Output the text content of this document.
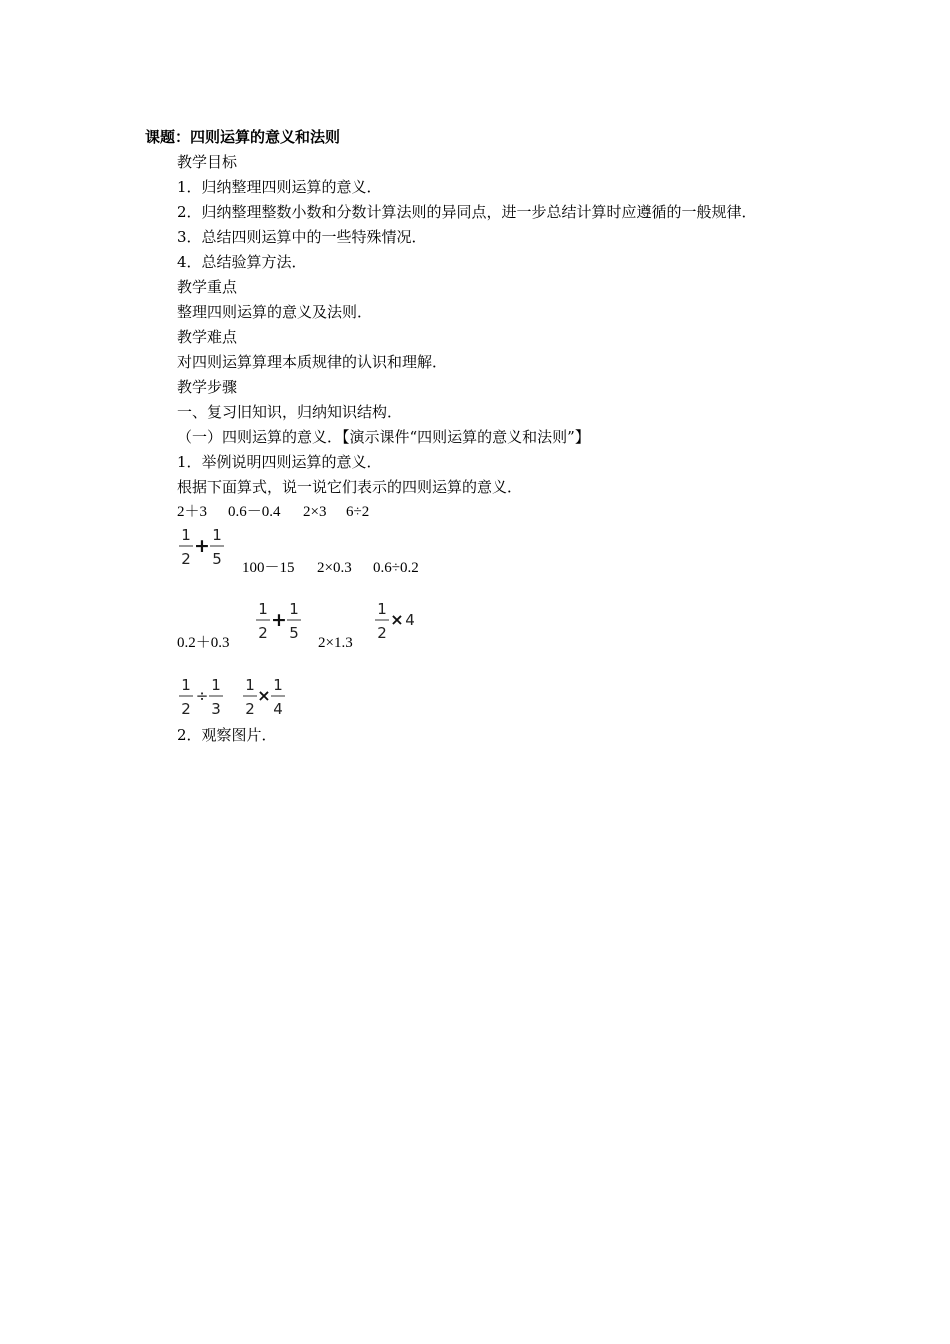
课题：四则运算的意义和法则
教学目标
1．归纳整理四则运算的意义．
2．归纳整理整数小数和分数计算法则的异同点，进一步总结计算时应遵循的一般规律．
3．总结四则运算中的一些特殊情况．
4．总结验算方法．
教学重点
整理四则运算的意义及法则．
教学难点
对四则运算算理本质规律的认识和理解．
教学步骤
一、复习旧知识，归纳知识结构．
（一）四则运算的意义．【演示课件“四则运算的意义和法则”】
1．举例说明四则运算的意义．
根据下面算式，说一说它们表示的四则运算的意义．
2＋3 0.6－0.4 2×3 6÷2
1
2
+ 1
5 100－15 2×0.3 0.6÷0.2
0.2＋0.3
1
2
+ 1
5
2×1.3
1
2
× 4
1
2
÷
1
3
1
2
×
1
4
2．观察图片．
